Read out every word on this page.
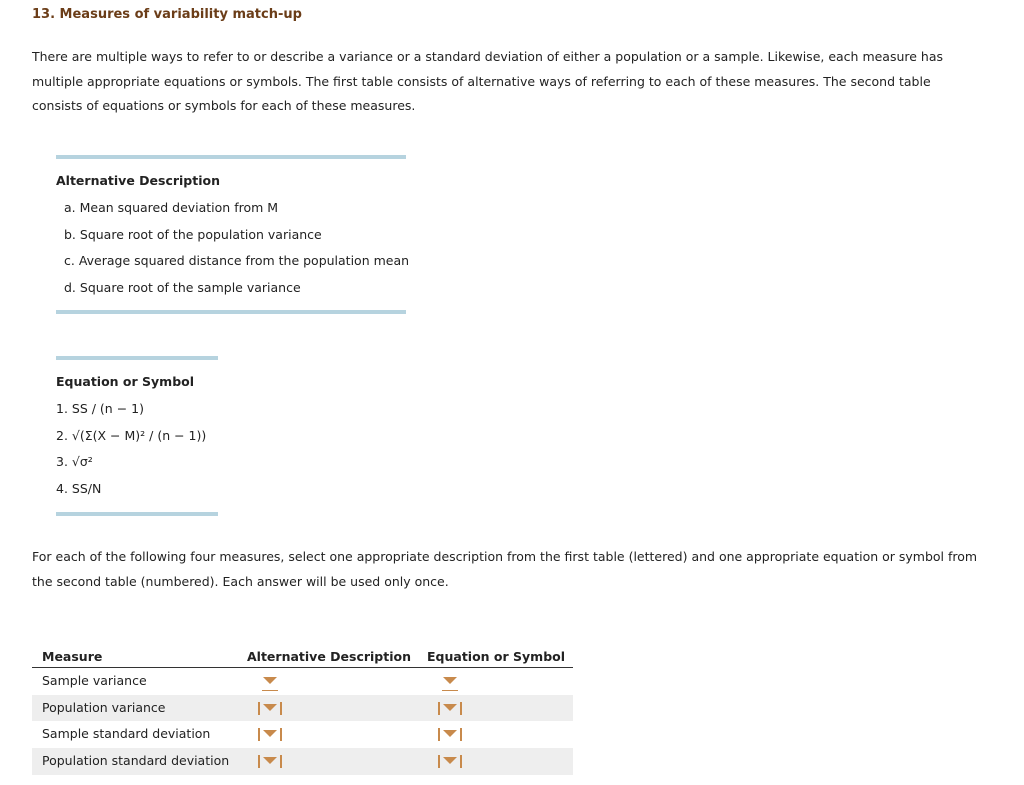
13. Measures of variability match-up
There are multiple ways to refer to or describe a variance or a standard deviation of either a population or a sample. Likewise, each measure has multiple appropriate equations or symbols. The first table consists of alternative ways of referring to each of these measures. The second table consists of equations or symbols for each of these measures.
Alternative Description
a. Mean squared deviation from M
b. Square root of the population variance
c. Average squared distance from the population mean
d. Square root of the sample variance
Equation or Symbol
1. SS / (n − 1)
2. √(Σ(X − M)² / (n − 1))
3. √σ²
4. SS/N
For each of the following four measures, select one appropriate description from the first table (lettered) and one appropriate equation or symbol from the second table (numbered). Each answer will be used only once.
Measure	Alternative Description Equation or Symbol
Sample variance
Population variance
Sample standard deviation
Population standard deviation
